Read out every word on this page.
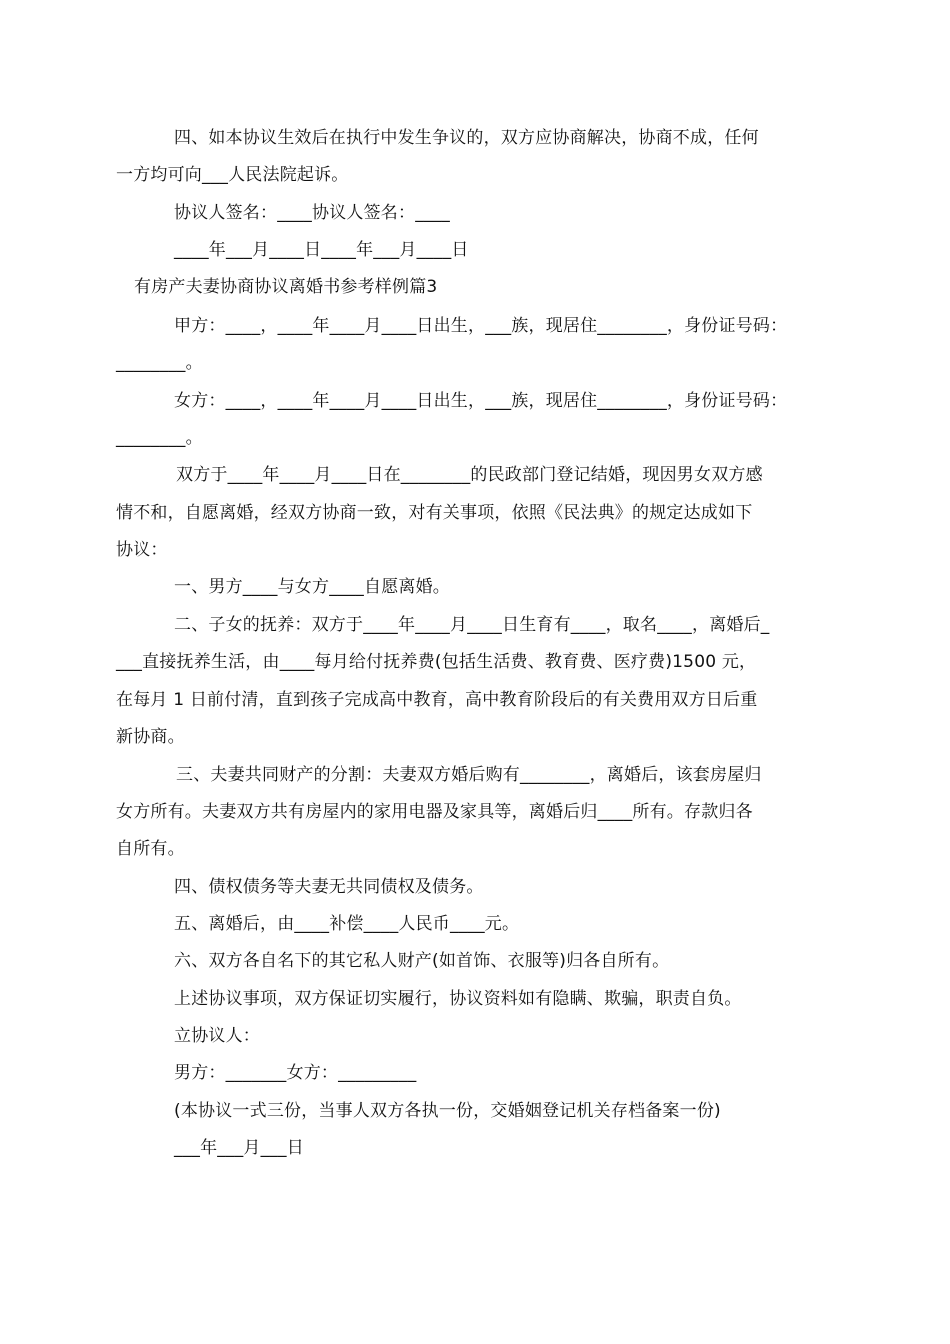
四、如本协议生效后在执行中发生争议的，双方应协商解决，协商不成，任何
一方均可向___人民法院起诉。
协议人签名：____协议人签名：____
____年___月____日____年___月____日
有房产夫妻协商协议离婚书参考样例篇3
甲方：____，____年____月____日出生，___族，现居住________，身份证号码：
________。
女方：____，____年____月____日出生，___族，现居住________，身份证号码：
________。
双方于____年____月____日在________的民政部门登记结婚，现因男女双方感
情不和，自愿离婚，经双方协商一致，对有关事项，依照《民法典》的规定达成如下
协议：
一、男方____与女方____自愿离婚。
二、子女的抚养：双方于____年____月____日生育有____，取名____，离婚后_
___直接抚养生活，由____每月给付抚养费(包括生活费、教育费、医疗费)1500 元，
在每月 1 日前付清，直到孩子完成高中教育，高中教育阶段后的有关费用双方日后重
新协商。
三、夫妻共同财产的分割：夫妻双方婚后购有________，离婚后，该套房屋归
女方所有。夫妻双方共有房屋内的家用电器及家具等，离婚后归____所有。存款归各
自所有。
四、债权债务等夫妻无共同债权及债务。
五、离婚后，由____补偿____人民币____元。
六、双方各自名下的其它私人财产(如首饰、衣服等)归各自所有。
上述协议事项，双方保证切实履行，协议资料如有隐瞒、欺骗，职责自负。
立协议人：
男方：_______女方：_________
(本协议一式三份，当事人双方各执一份，交婚姻登记机关存档备案一份)
___年___月___日
